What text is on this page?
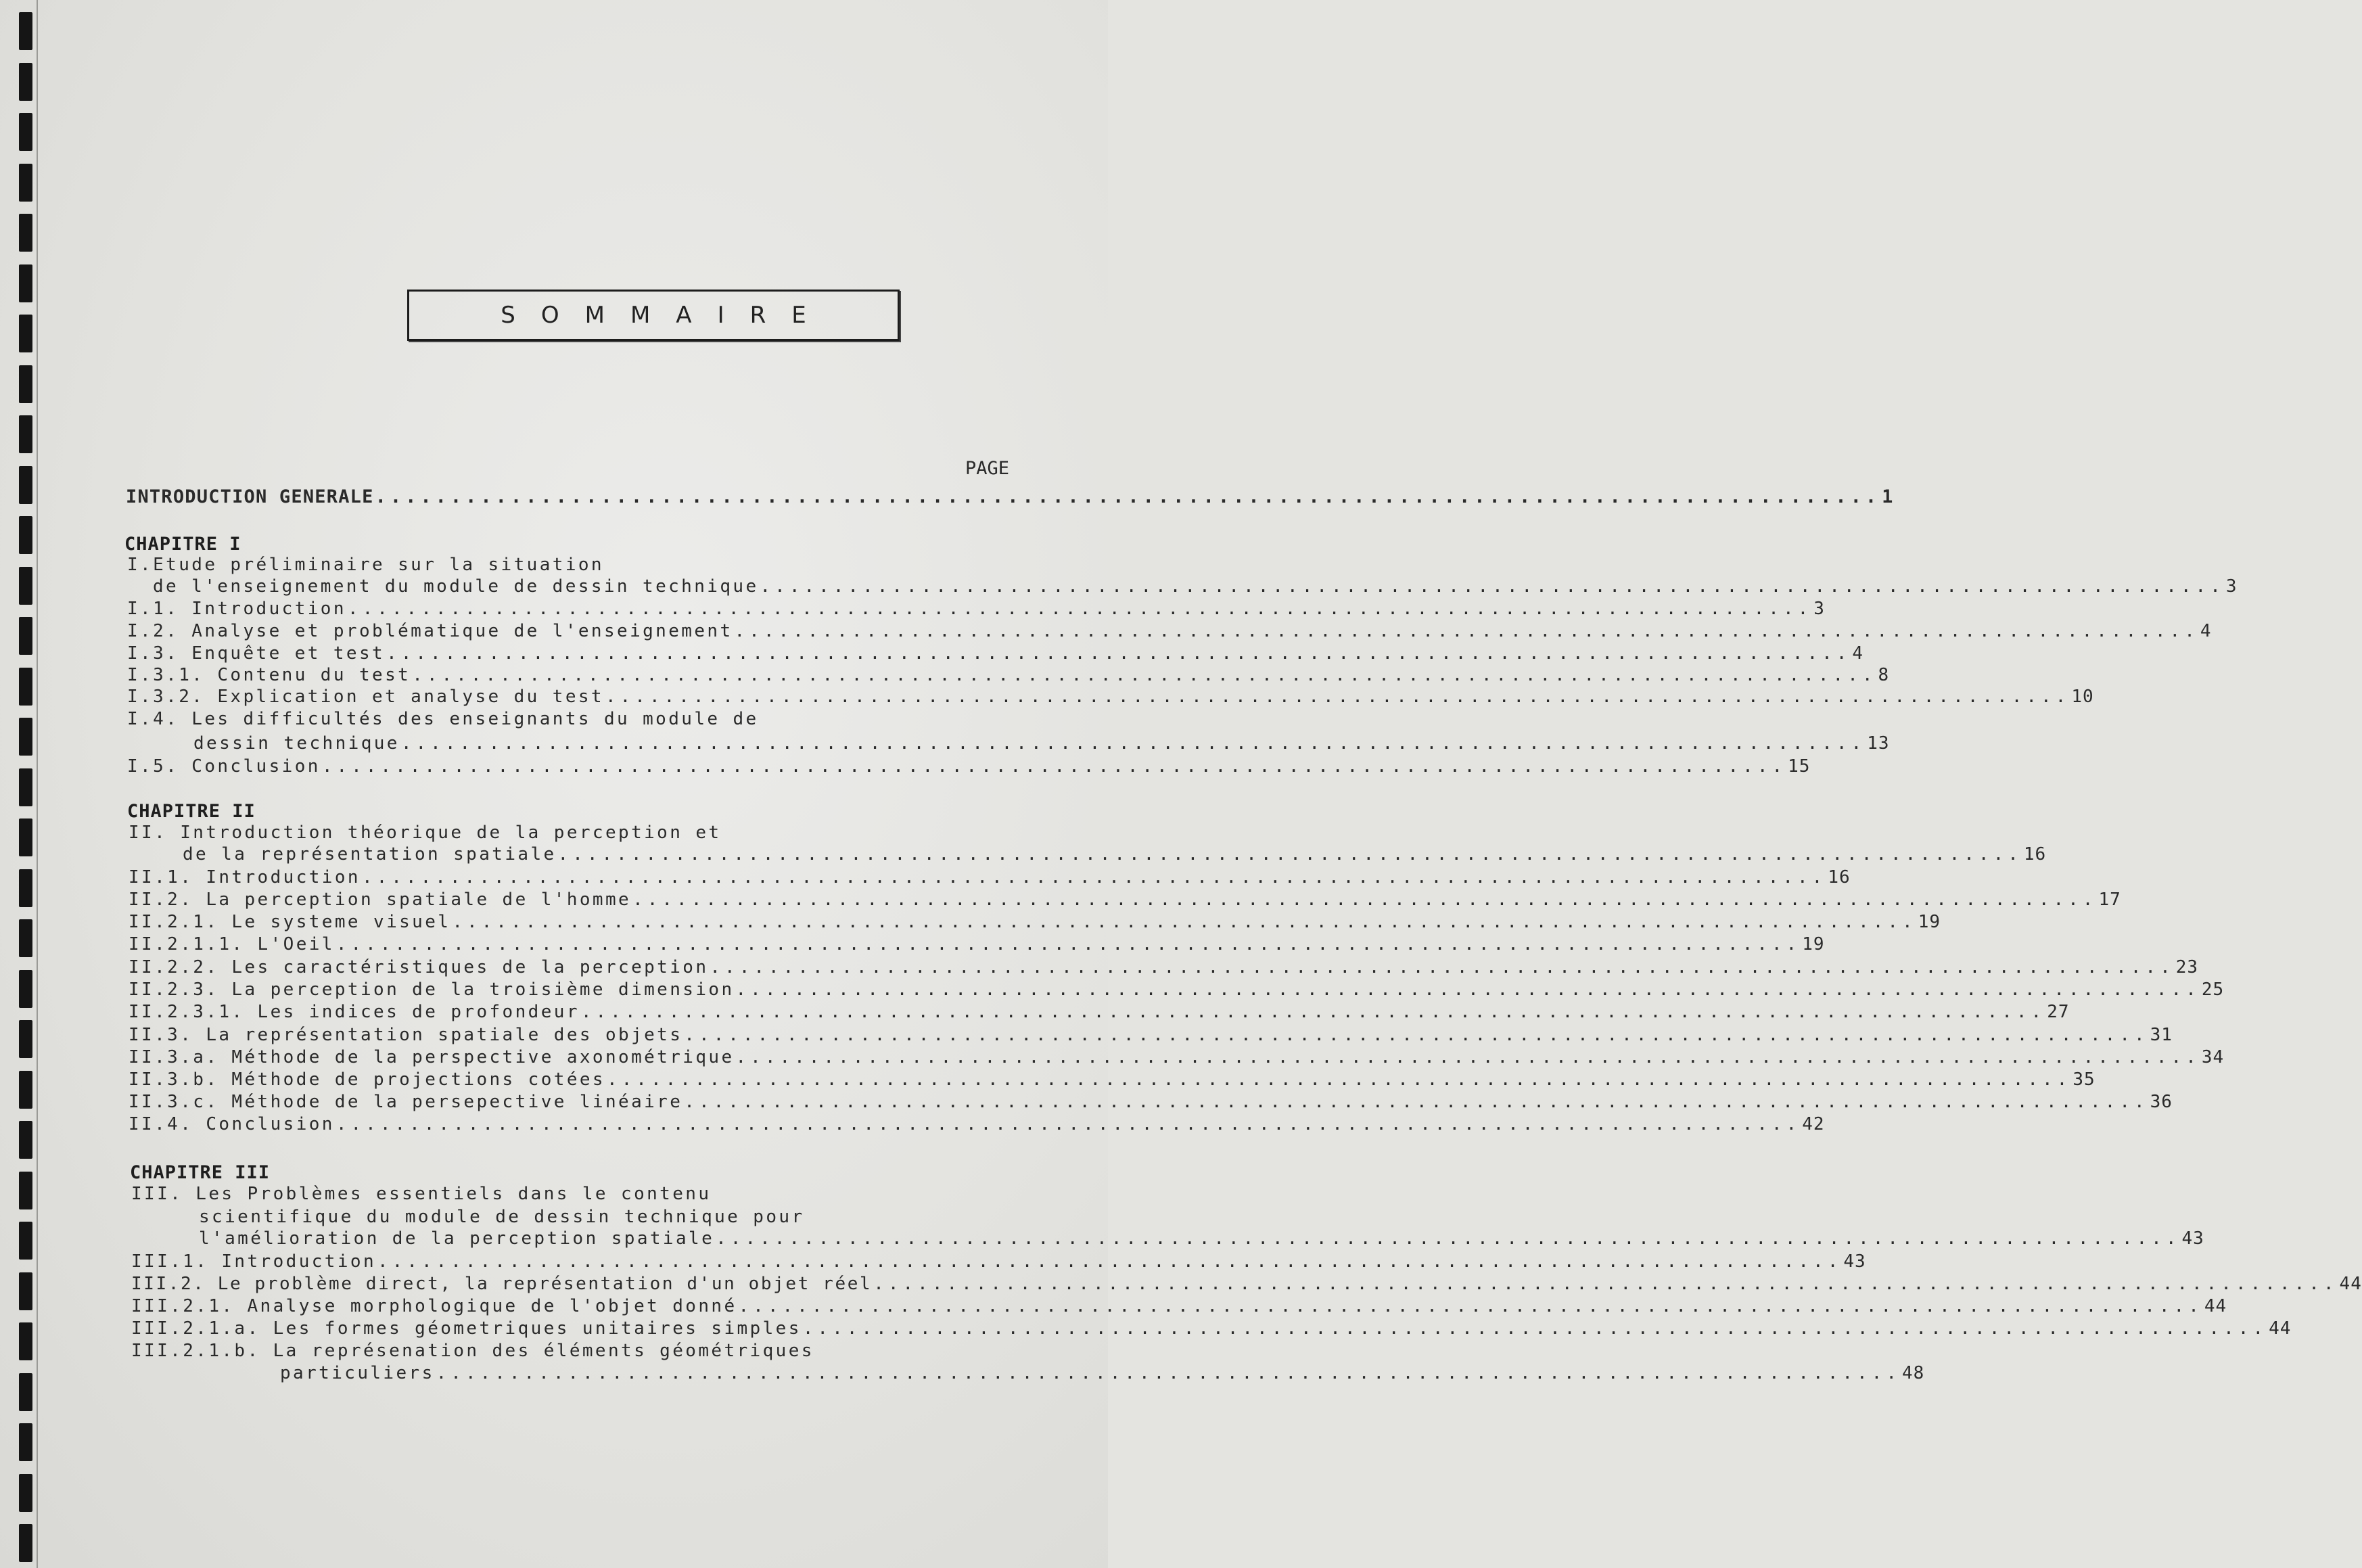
SOMMAIRE
PAGE
INTRODUCTION GENERALE .................................................................................................... 1
CHAPITRE I
I.Etude préliminaire sur la situation
de l'enseignement du module de dessin technique .................................................................................................... 3
I.1. Introduction .................................................................................................... 3
I.2. Analyse et problématique de l'enseignement .................................................................................................... 4
I.3. Enquête et test .................................................................................................... 4
I.3.1. Contenu du test .................................................................................................... 8
I.3.2. Explication et analyse du test .................................................................................................... 10
I.4. Les difficultés des enseignants du module de
dessin technique .................................................................................................... 13
I.5. Conclusion .................................................................................................... 15
CHAPITRE II
II. Introduction théorique de la perception et
de la représentation spatiale .................................................................................................... 16
II.1. Introduction .................................................................................................... 16
II.2. La perception spatiale de l'homme .................................................................................................... 17
II.2.1. Le systeme visuel .................................................................................................... 19
II.2.1.1. L'Oeil .................................................................................................... 19
II.2.2. Les caractéristiques de la perception .................................................................................................... 23
II.2.3. La perception de la troisième dimension .................................................................................................... 25
II.2.3.1. Les indices de profondeur .................................................................................................... 27
II.3. La représentation spatiale des objets .................................................................................................... 31
II.3.a. Méthode de la perspective axonométrique .................................................................................................... 34
II.3.b. Méthode de projections cotées .................................................................................................... 35
II.3.c. Méthode de la persepective linéaire .................................................................................................... 36
II.4. Conclusion .................................................................................................... 42
CHAPITRE III
III. Les Problèmes essentiels dans le contenu
scientifique du module de dessin technique pour
l'amélioration de la perception spatiale .................................................................................................... 43
III.1. Introduction .................................................................................................... 43
III.2. Le problème direct, la représentation d'un objet réel .................................................................................................... 44
III.2.1. Analyse morphologique de l'objet donné .................................................................................................... 44
III.2.1.a. Les formes géometriques unitaires simples .................................................................................................... 44
III.2.1.b. La représenation des éléments géométriques
particuliers .................................................................................................... 48
